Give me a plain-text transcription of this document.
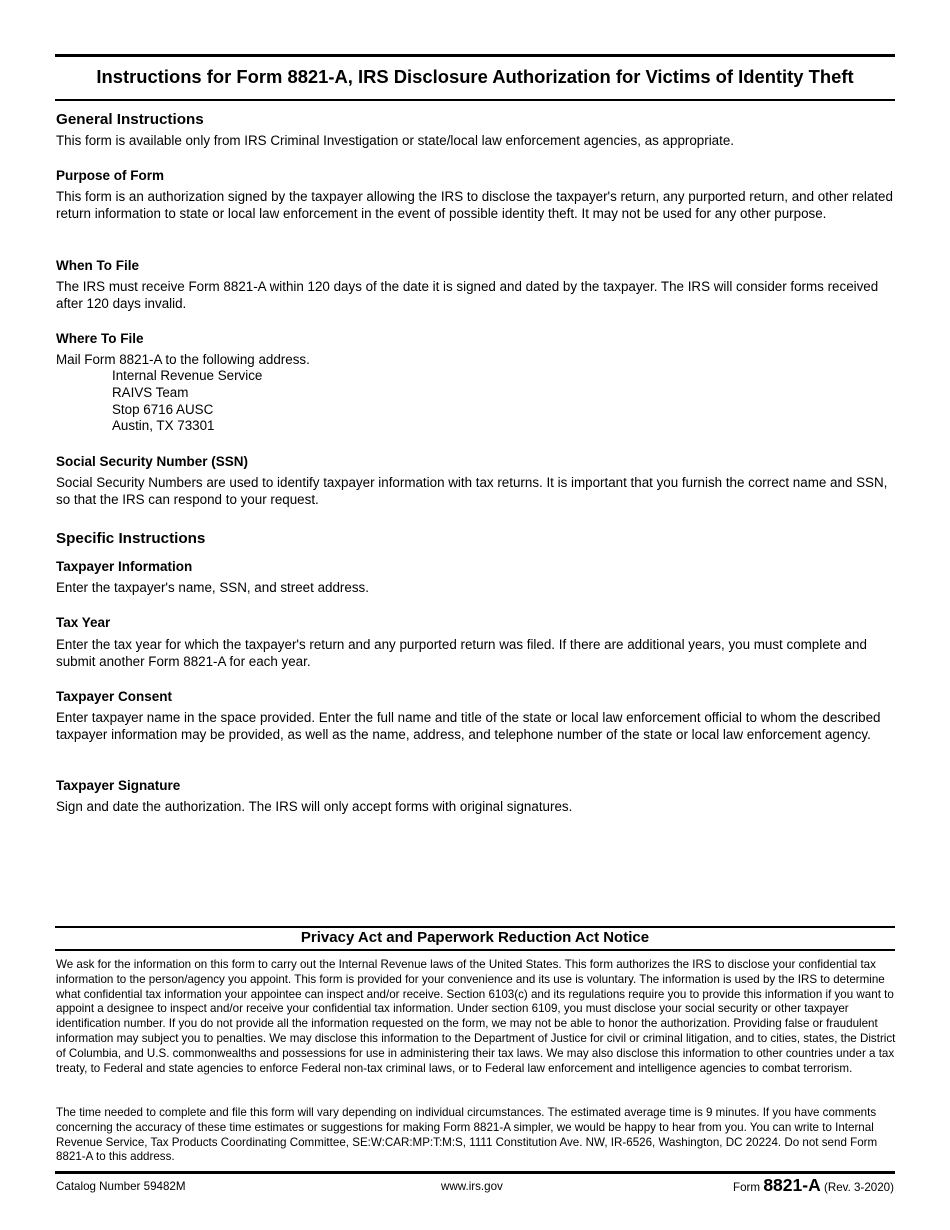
Instructions for Form 8821-A, IRS Disclosure Authorization for Victims of Identity Theft
General Instructions
This form is available only from IRS Criminal Investigation or state/local law enforcement agencies, as appropriate.
Purpose of Form
This form is an authorization signed by the taxpayer allowing the IRS to disclose the taxpayer's return, any purported return, and other related return information to state or local law enforcement in the event of possible identity theft. It may not be used for any other purpose.
When To File
The IRS must receive Form 8821-A within 120 days of the date it is signed and dated by the taxpayer. The IRS will consider forms received after 120 days invalid.
Where To File
Mail Form 8821-A to the following address.
Internal Revenue Service
RAIVS Team
Stop 6716 AUSC
Austin, TX 73301
Social Security Number (SSN)
Social Security Numbers are used to identify taxpayer information with tax returns. It is important that you furnish the correct name and SSN, so that the IRS can respond to your request.
Specific Instructions
Taxpayer Information
Enter the taxpayer's name, SSN, and street address.
Tax Year
Enter the tax year for which the taxpayer's return and any purported return was filed. If there are additional years, you must complete and submit another Form 8821-A for each year.
Taxpayer Consent
Enter taxpayer name in the space provided. Enter the full name and title of the state or local law enforcement official to whom the described taxpayer information may be provided, as well as the name, address, and telephone number of the state or local law enforcement agency.
Taxpayer Signature
Sign and date the authorization. The IRS will only accept forms with original signatures.
Privacy Act and Paperwork Reduction Act Notice
We ask for the information on this form to carry out the Internal Revenue laws of the United States. This form authorizes the IRS to disclose your confidential tax information to the person/agency you appoint. This form is provided for your convenience and its use is voluntary. The information is used by the IRS to determine what confidential tax information your appointee can inspect and/or receive. Section 6103(c) and its regulations require you to provide this information if you want to appoint a designee to inspect and/or receive your confidential tax information. Under section 6109, you must disclose your social security or other taxpayer identification number. If you do not provide all the information requested on the form, we may not be able to honor the authorization. Providing false or fraudulent information may subject you to penalties. We may disclose this information to the Department of Justice for civil or criminal litigation, and to cities, states, the District of Columbia, and U.S. commonwealths and possessions for use in administering their tax laws. We may also disclose this information to other countries under a tax treaty, to Federal and state agencies to enforce Federal non-tax criminal laws, or to Federal law enforcement and intelligence agencies to combat terrorism.
The time needed to complete and file this form will vary depending on individual circumstances. The estimated average time is 9 minutes. If you have comments concerning the accuracy of these time estimates or suggestions for making Form 8821-A simpler, we would be happy to hear from you. You can write to Internal Revenue Service, Tax Products Coordinating Committee, SE:W:CAR:MP:T:M:S, 1111 Constitution Ave. NW, IR-6526, Washington, DC 20224. Do not send Form 8821-A to this address.
Catalog Number 59482M	www.irs.gov	Form 8821-A (Rev. 3-2020)
